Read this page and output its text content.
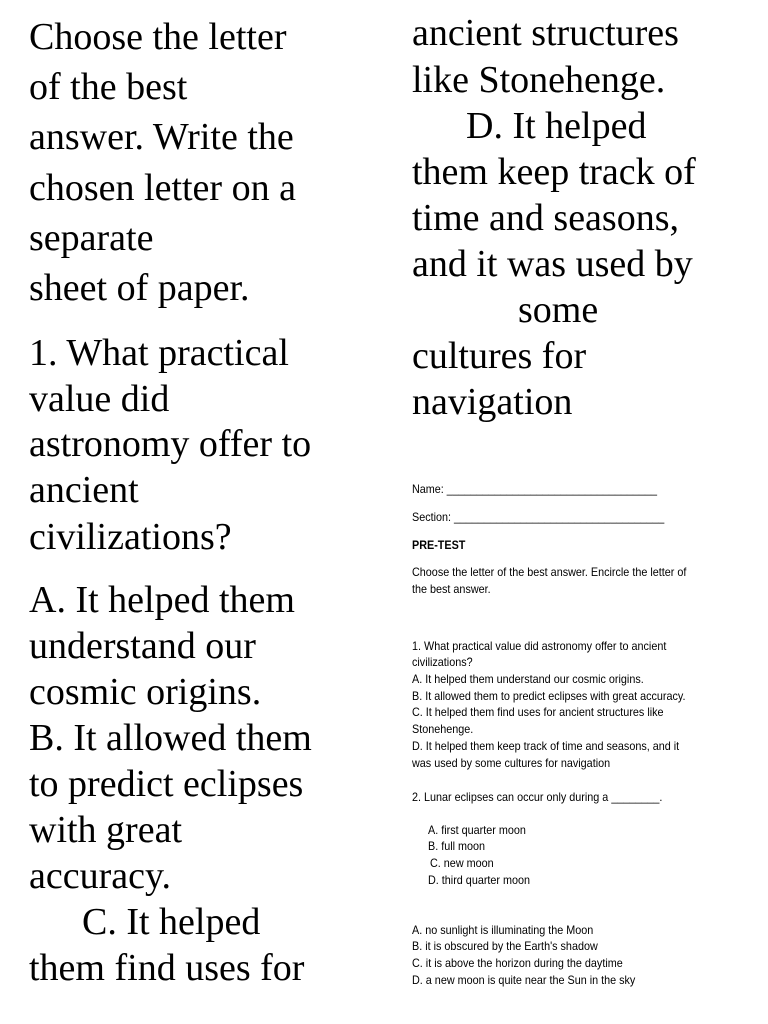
Choose the letter

of the best

answer. Write the

chosen letter on a

separate

sheet of paper.

1. What practical

value did

astronomy offer to

ancient

civilizations?

A. It helped them

understand our

cosmic origins.

B. It allowed them

to predict eclipses

with great

accuracy.

C. It helped

them find uses for

ancient structures

like Stonehenge.

D. It helped

them keep track of

time and seasons,

and it was used by

some

cultures for

navigation

Name: ___________________________________

Section: ___________________________________

PRE-TEST

Choose the letter of the best answer. Encircle the letter of

the best answer.

1. What practical value did astronomy offer to ancient

civilizations?

A. It helped them understand our cosmic origins.

B. It allowed them to predict eclipses with great accuracy.

C. It helped them find uses for ancient structures like

Stonehenge.

D. It helped them keep track of time and seasons, and it

was used by some cultures for navigation

2. Lunar eclipses can occur only during a ________.

A. first quarter moon

B. full moon

C. new moon

D. third quarter moon

A. no sunlight is illuminating the Moon

B. it is obscured by the Earth's shadow

C. it is above the horizon during the daytime

D. a new moon is quite near the Sun in the sky
